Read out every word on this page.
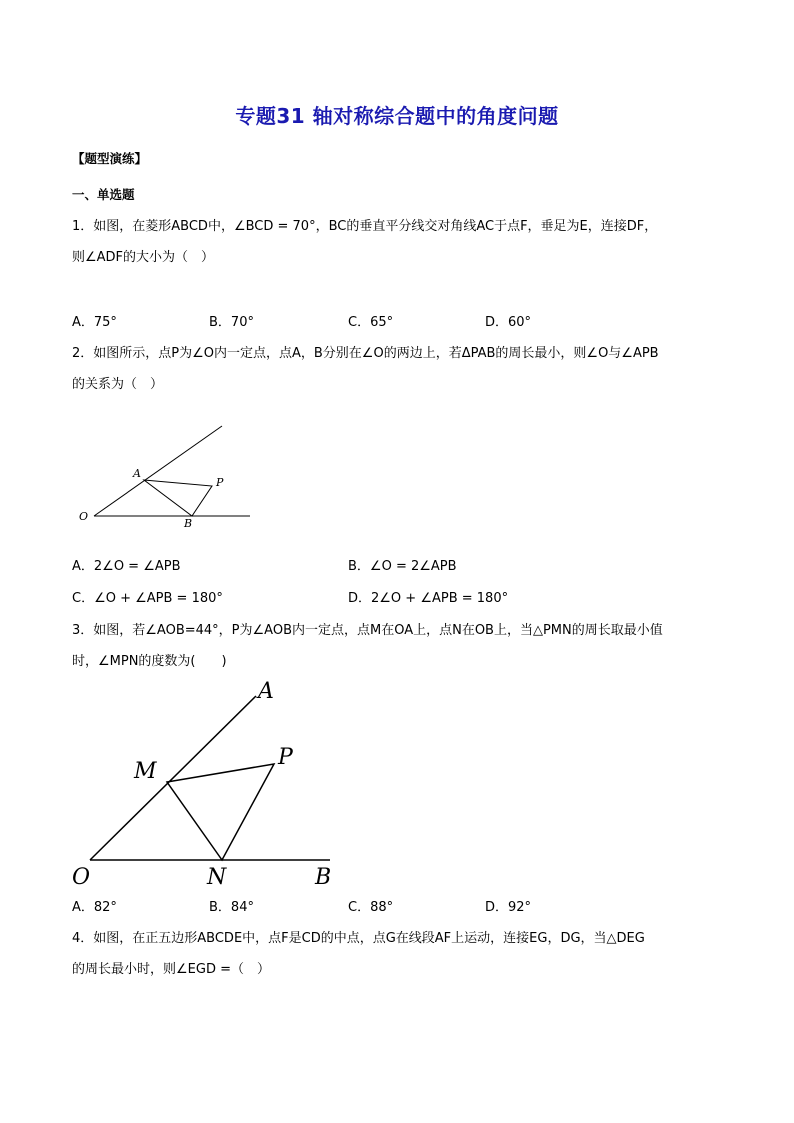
专题31 轴对称综合题中的角度问题
【题型演练】
一、单选题
1．如图，在菱形ABCD中，∠BCD = 70°，BC的垂直平分线交对角线AC于点F，垂足为E，连接DF，
则∠ADF的大小为（　）
A．75°	B．70°	C．65°	D．60°
2．如图所示，点P为∠O内一定点，点A，B分别在∠O的两边上，若ΔPAB的周长最小，则∠O与∠APB
的关系为（　）
A
P
O
B
A．2∠O = ∠APB	B．∠O = 2∠APB
C．∠O + ∠APB = 180°	D．2∠O + ∠APB = 180°
3．如图，若∠AOB=44°，P为∠AOB内一定点，点M在OA上，点N在OB上，当△PMN的周长取最小值
时，∠MPN的度数为(　　)
A
M
P
O	N	B
A．82°	B．84°	C．88°	D．92°
4．如图，在正五边形ABCDE中，点F是CD的中点，点G在线段AF上运动，连接EG，DG，当△DEG
的周长最小时，则∠EGD =（　）
